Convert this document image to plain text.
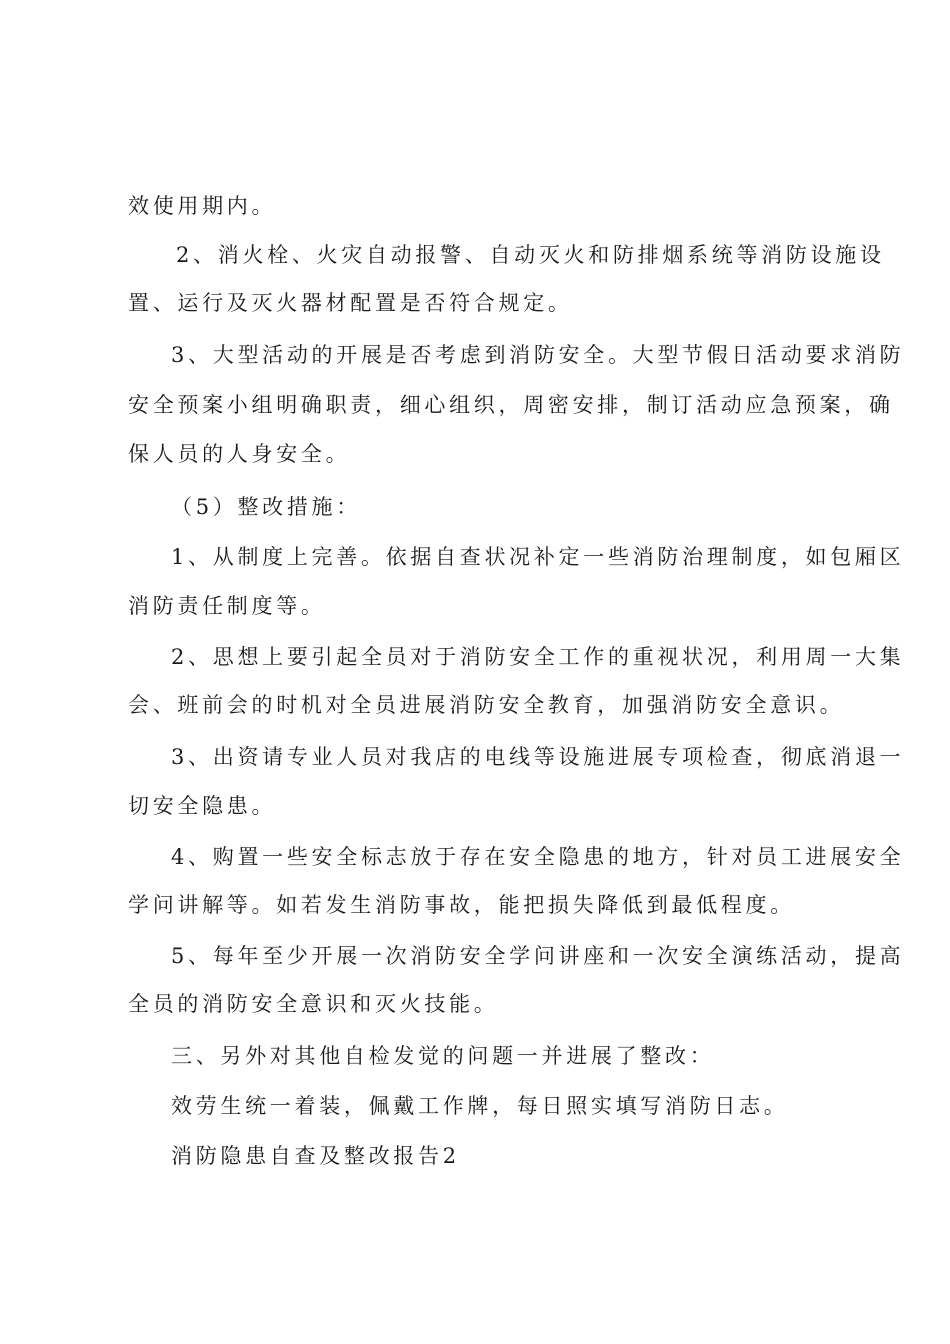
效使用期内。
2、消火栓、火灾自动报警、自动灭火和防排烟系统等消防设施设
置、运行及灭火器材配置是否符合规定。
3、大型活动的开展是否考虑到消防安全。大型节假日活动要求消防
安全预案小组明确职责，细心组织，周密安排，制订活动应急预案，确
保人员的人身安全。
（5）整改措施：
1、从制度上完善。依据自查状况补定一些消防治理制度，如包厢区
消防责任制度等。
2、思想上要引起全员对于消防安全工作的重视状况，利用周一大集
会、班前会的时机对全员进展消防安全教育，加强消防安全意识。
3、出资请专业人员对我店的电线等设施进展专项检查，彻底消退一
切安全隐患。
4、购置一些安全标志放于存在安全隐患的地方，针对员工进展安全
学问讲解等。如若发生消防事故，能把损失降低到最低程度。
5、每年至少开展一次消防安全学问讲座和一次安全演练活动，提高
全员的消防安全意识和灭火技能。
三、另外对其他自检发觉的问题一并进展了整改：
效劳生统一着装，佩戴工作牌，每日照实填写消防日志。
消防隐患自查及整改报告2
